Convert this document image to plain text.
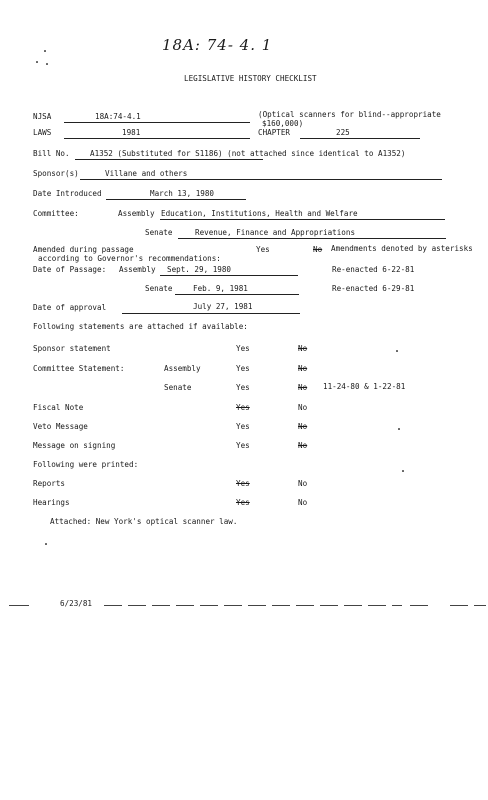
18A: 74- 4. 1
LEGISLATIVE HISTORY CHECKLIST
NJSA	18A:74-4.1	(Optical scanners for blind--appropriate
$160,000)
LAWS	1981	CHAPTER	225
Bill No.	A1352 (Substituted for S1186) (not attached since identical to A1352)
Sponsor(s)	Villane and others
Date Introduced	March 13, 1980
Committee:	Assembly Education, Institutions, Health and Welfare
Senate	Revenue, Finance and Appropriations
Amended during passage
according to Governor's recommendations:
Yes	No Amendments denoted by asterisks
Date of Passage: Assembly Sept. 29, 1980	Re-enacted 6-22-81
Senate	Feb. 9, 1981	Re-enacted 6-29-81
Date of approval	July 27, 1981
Following statements are attached if available:
Sponsor statement	Yes	No
Committee Statement:	Assembly	Yes	No
Senate	Yes	No 11-24-80 & 1-22-81
Fiscal Note	Yes	No
Veto Message	Yes	No
Message on signing	Yes	No
Following were printed:
Reports	Yes	No
Hearings	Yes	No
Attached: New York's optical scanner law.
6/23/81
